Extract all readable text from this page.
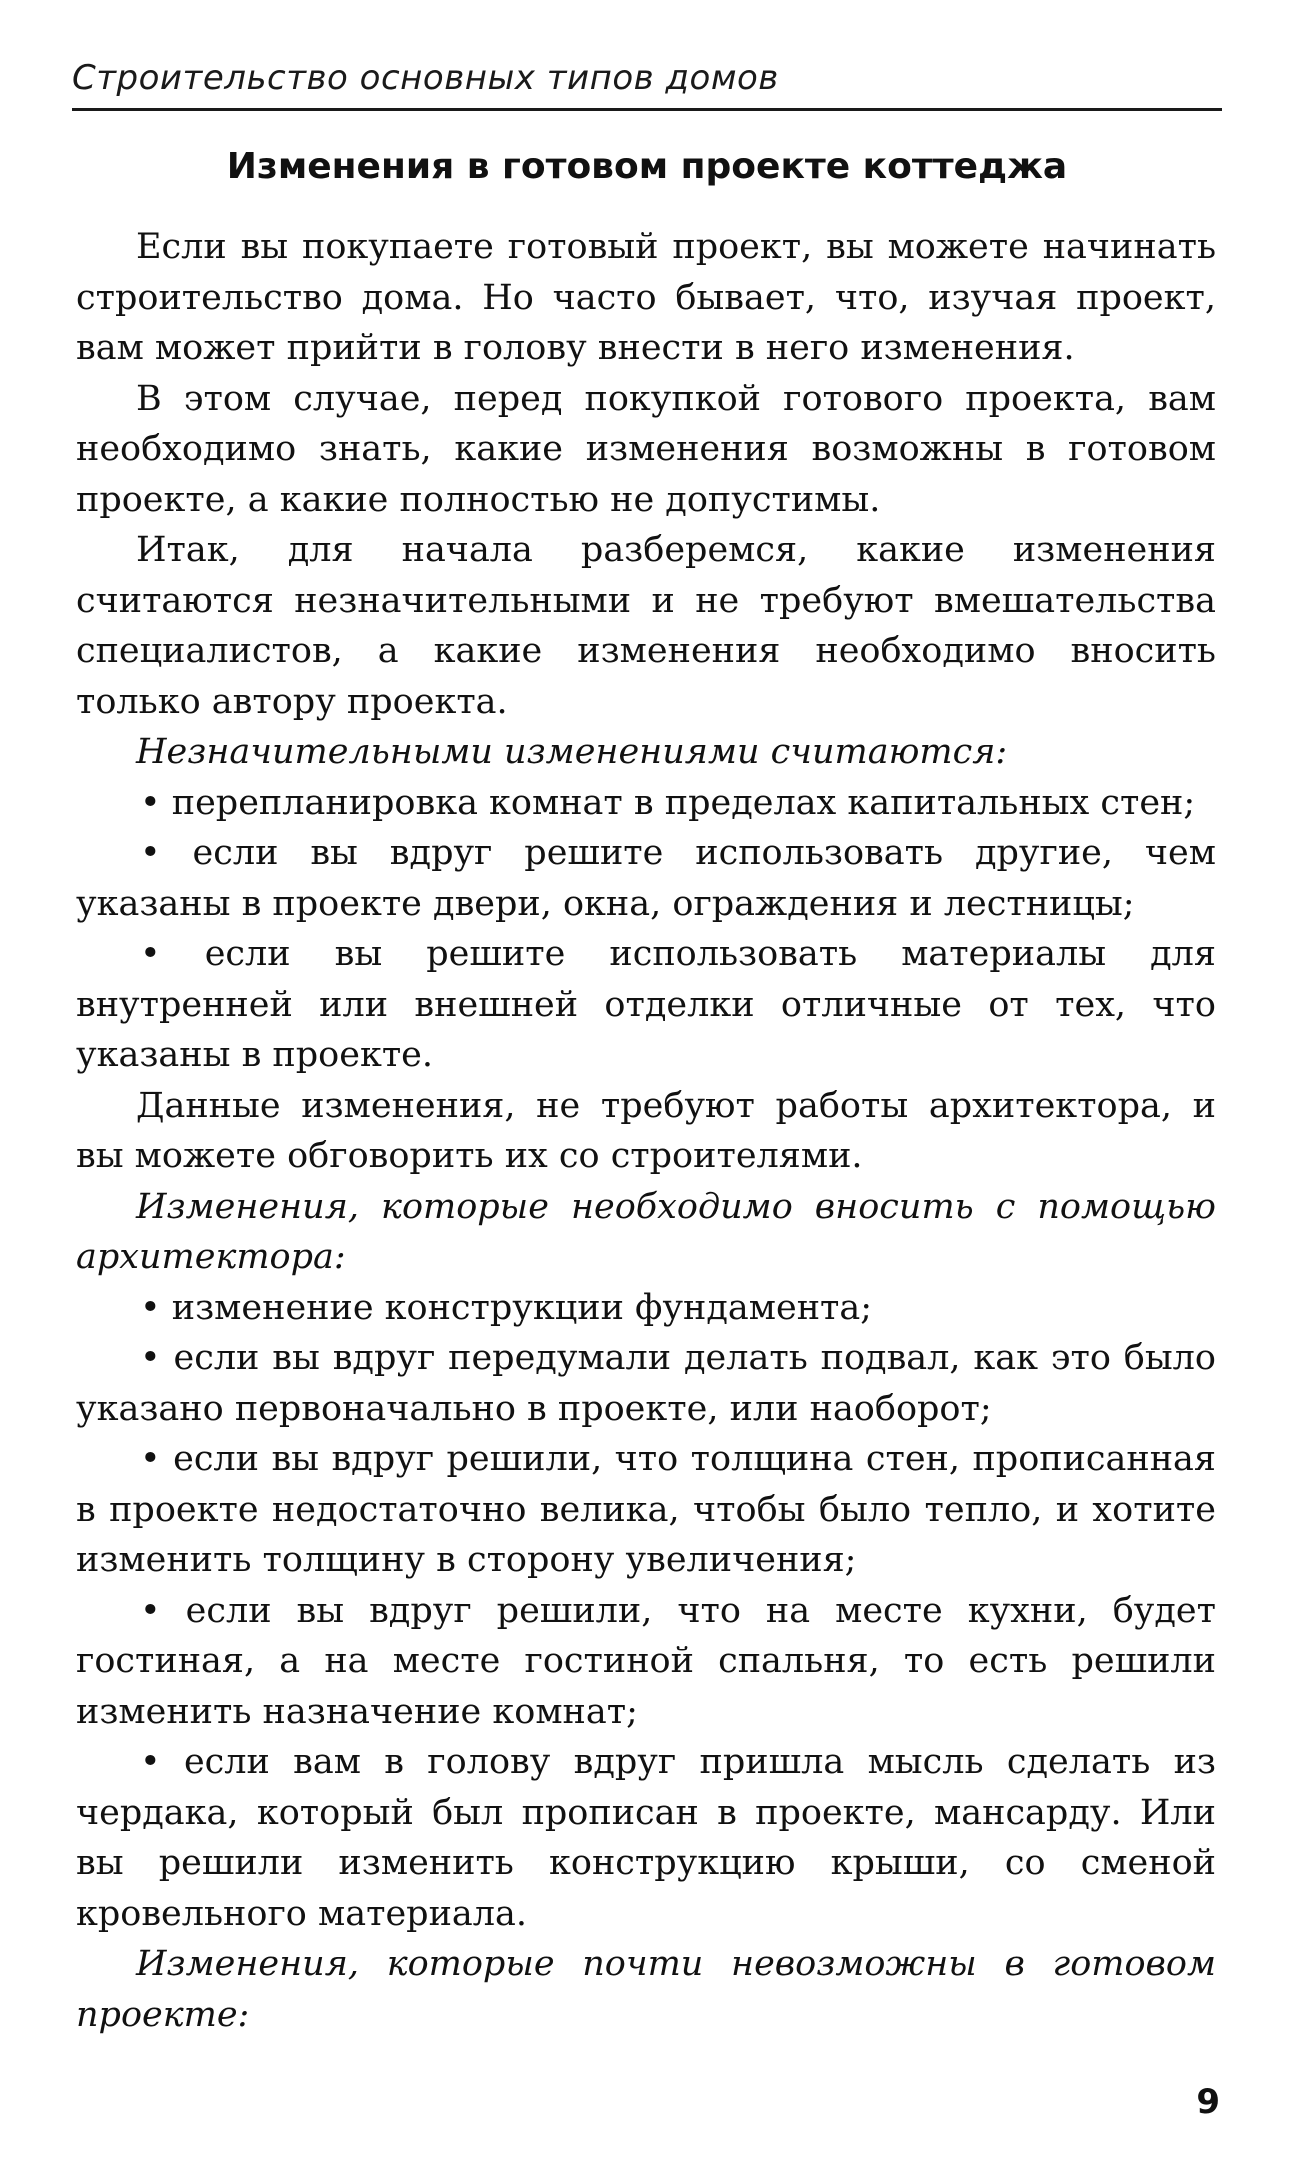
Строительство основных типов домов
Изменения в готовом проекте коттеджа

Если вы покупаете готовый проект, вы можете начинать строительство дома. Но часто бывает, что, изучая проект, вам может прийти в голову внести в него изменения.

В этом случае, перед покупкой готового проекта, вам необходимо знать, какие изменения возможны в готовом проекте, а какие полностью не допустимы.

Итак, для начала разберемся, какие изменения считаются незначительными и не требуют вмешательства специалистов, а какие изменения необходимо вносить только автору проекта.

Незначительными изменениями считаются:

• перепланировка комнат в пределах капитальных стен;

• если вы вдруг решите использовать другие, чем указаны в проекте двери, окна, ограждения и лестницы;

• если вы решите использовать материалы для внутренней или внешней отделки отличные от тех, что указаны в проекте.

Данные изменения, не требуют работы архитектора, и вы можете обговорить их со строителями.

Изменения, которые необходимо вносить с помощью архитектора:

• изменение конструкции фундамента;

• если вы вдруг передумали делать подвал, как это было указано первоначально в проекте, или наоборот;

• если вы вдруг решили, что толщина стен, прописанная в проекте недостаточно велика, чтобы было тепло, и хотите изменить толщину в сторону увеличения;

• если вы вдруг решили, что на месте кухни, будет гостиная, а на месте гостиной спальня, то есть решили изменить назначение комнат;

• если вам в голову вдруг пришла мысль сделать из чердака, который был прописан в проекте, мансарду. Или вы решили изменить конструкцию крыши, со сменой кровельного материала.

Изменения, которые почти невозможны в готовом проекте:

9
